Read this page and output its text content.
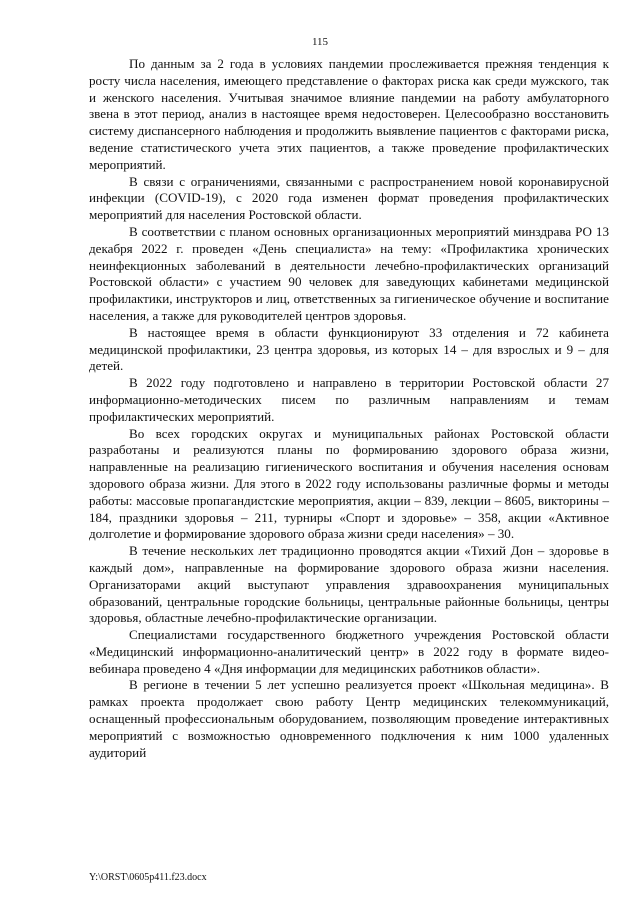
115

По данным за 2 года в условиях пандемии прослеживается прежняя тенденция к росту числа населения, имеющего представление о факторах риска как среди мужского, так и женского населения. Учитывая значимое влияние пандемии на работу амбулаторного звена в этот период, анализ в настоящее время недостоверен. Целесообразно восстановить систему диспансерного наблюдения и продолжить выявление пациентов с факторами риска, ведение статистического учета этих пациентов, а также проведение профилактических мероприятий.

В связи с ограничениями, связанными с распространением новой коронавирусной инфекции (COVID-19), с 2020 года изменен формат проведения профилактических мероприятий для населения Ростовской области.

В соответствии с планом основных организационных мероприятий минздрава РО 13 декабря 2022 г. проведен «День специалиста» на тему: «Профилактика хронических неинфекционных заболеваний в деятельности лечебно-профилактических организаций Ростовской области» с участием 90 человек для заведующих кабинетами медицинской профилактики, инструкторов и лиц, ответственных за гигиеническое обучение и воспитание населения, а также для руководителей центров здоровья.

В настоящее время в области функционируют 33 отделения и 72 кабинета медицинской профилактики, 23 центра здоровья, из которых 14 – для взрослых и 9 – для детей.

В 2022 году подготовлено и направлено в территории Ростовской области 27 информационно-методических писем по различным направлениям и темам профилактических мероприятий.

Во всех городских округах и муниципальных районах Ростовской области разработаны и реализуются планы по формированию здорового образа жизни, направленные на реализацию гигиенического воспитания и обучения населения основам здорового образа жизни. Для этого в 2022 году использованы различные формы и методы работы: массовые пропагандистские мероприятия, акции – 839, лекции – 8605, викторины – 184, праздники здоровья – 211, турниры «Спорт и здоровье» – 358, акции «Активное долголетие и формирование здорового образа жизни среди населения» – 30.

В течение нескольких лет традиционно проводятся акции «Тихий Дон – здоровье в каждый дом», направленные на формирование здорового образа жизни населения. Организаторами акций выступают управления здравоохранения муниципальных образований, центральные городские больницы, центральные районные больницы, центры здоровья, областные лечебно-профилактические организации.

Специалистами государственного бюджетного учреждения Ростовской области «Медицинский информационно-аналитический центр» в 2022 году в формате видео-вебинара проведено 4 «Дня информации для медицинских работников области».

В регионе в течении 5 лет успешно реализуется проект «Школьная медицина». В рамках проекта продолжает свою работу Центр медицинских телекоммуникаций, оснащенный профессиональным оборудованием, позволяющим проведение интерактивных мероприятий с возможностью одновременного подключения к ним 1000 удаленных аудиторий

Y:\ORST\0605p411.f23.docx
